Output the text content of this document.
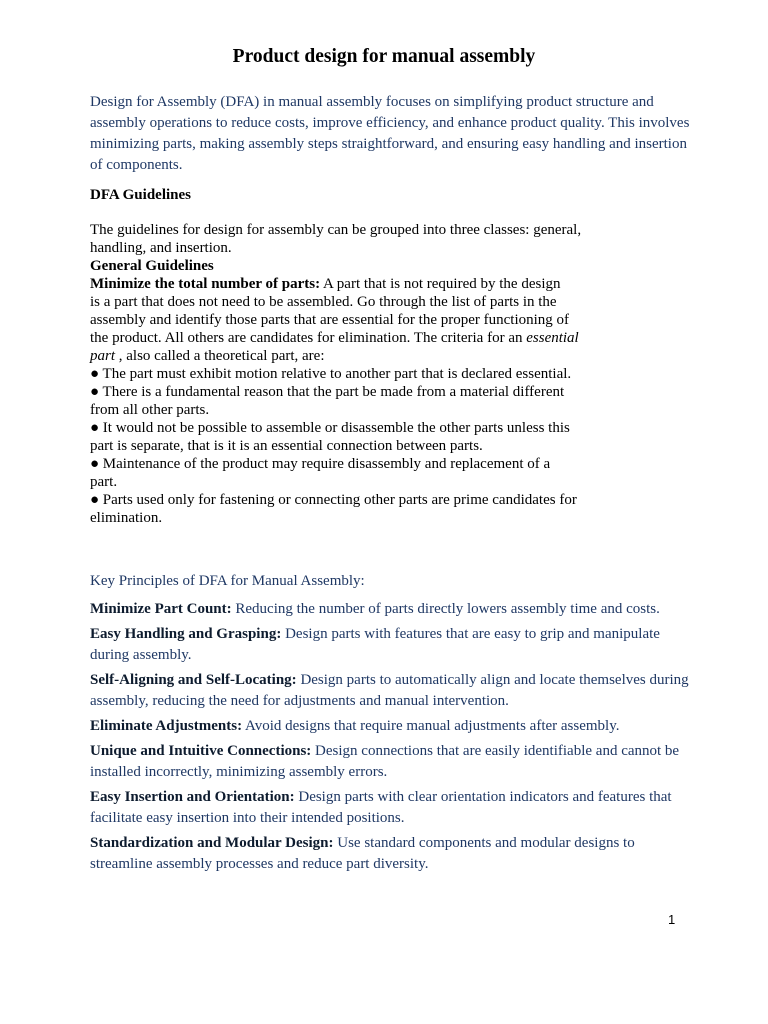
Product design for manual assembly

Design for Assembly (DFA) in manual assembly focuses on simplifying product structure and assembly operations to reduce costs, improve efficiency, and enhance product quality. This involves minimizing parts, making assembly steps straightforward, and ensuring easy handling and insertion of components.

DFA Guidelines

The guidelines for design for assembly can be grouped into three classes: general,

handling, and insertion.

General Guidelines

Minimize the total number of parts: A part that is not required by the design

is a part that does not need to be assembled. Go through the list of parts in the

assembly and identify those parts that are essential for the proper functioning of

the product. All others are candidates for elimination. The criteria for an essential

part , also called a theoretical part, are:

● The part must exhibit motion relative to another part that is declared essential.

● There is a fundamental reason that the part be made from a material different

from all other parts.

● It would not be possible to assemble or disassemble the other parts unless this

part is separate, that is it is an essential connection between parts.

● Maintenance of the product may require disassembly and replacement of a

part.

● Parts used only for fastening or connecting other parts are prime candidates for

elimination.

Key Principles of DFA for Manual Assembly:

Minimize Part Count: Reducing the number of parts directly lowers assembly time and costs.

Easy Handling and Grasping: Design parts with features that are easy to grip and manipulate during assembly.

Self-Aligning and Self-Locating: Design parts to automatically align and locate themselves during assembly, reducing the need for adjustments and manual intervention.

Eliminate Adjustments: Avoid designs that require manual adjustments after assembly.

Unique and Intuitive Connections: Design connections that are easily identifiable and cannot be installed incorrectly, minimizing assembly errors.

Easy Insertion and Orientation: Design parts with clear orientation indicators and features that facilitate easy insertion into their intended positions.

Standardization and Modular Design: Use standard components and modular designs to streamline assembly processes and reduce part diversity.

1
